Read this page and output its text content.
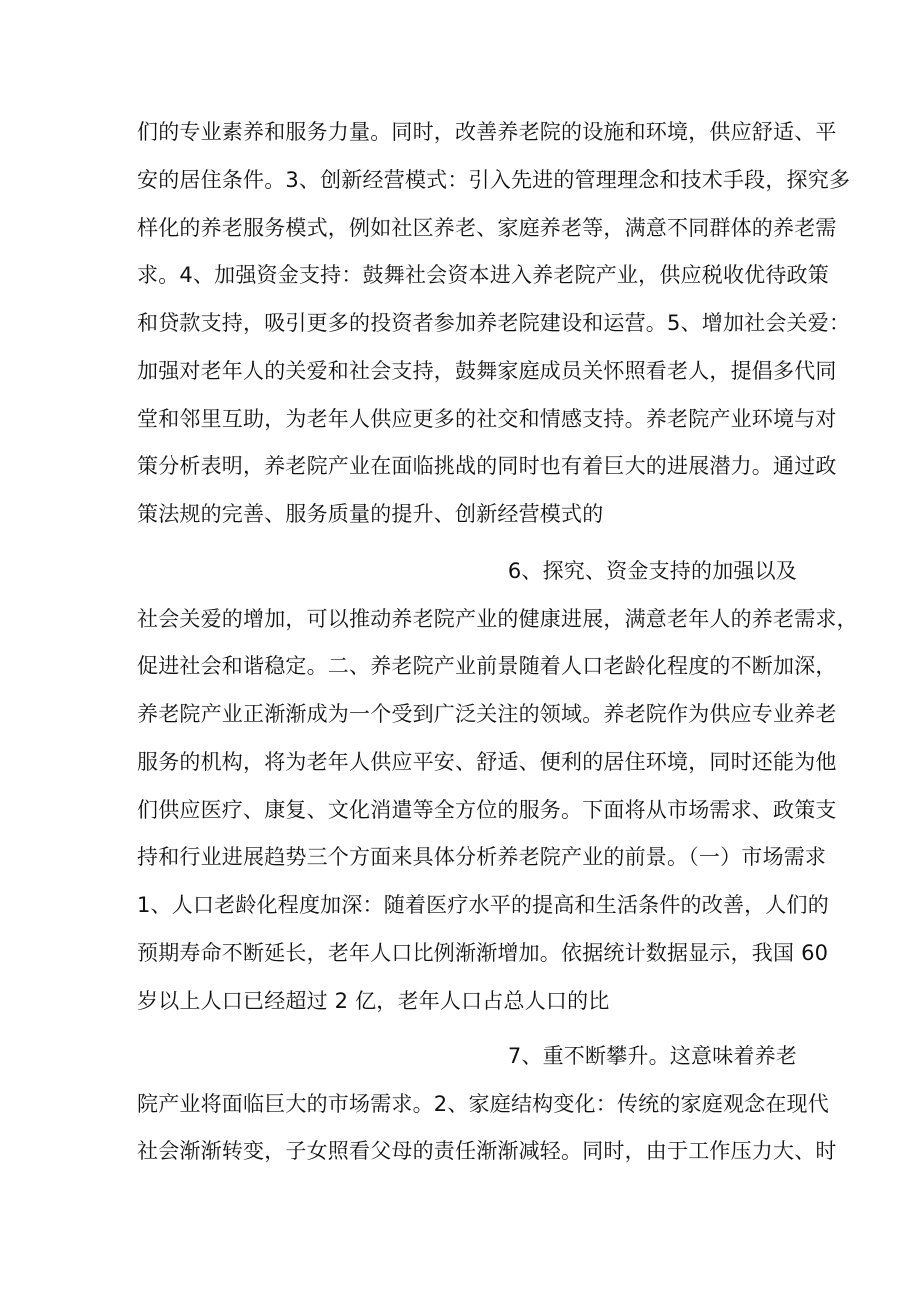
们的专业素养和服务力量。同时，改善养老院的设施和环境，供应舒适、平
安的居住条件。3、创新经营模式：引入先进的管理理念和技术手段，探究多
样化的养老服务模式，例如社区养老、家庭养老等，满意不同群体的养老需
求。4、加强资金支持：鼓舞社会资本进入养老院产业，供应税收优待政策
和贷款支持，吸引更多的投资者参加养老院建设和运营。5、增加社会关爱：
加强对老年人的关爱和社会支持，鼓舞家庭成员关怀照看老人，提倡多代同
堂和邻里互助，为老年人供应更多的社交和情感支持。养老院产业环境与对
策分析表明，养老院产业在面临挑战的同时也有着巨大的进展潜力。通过政
策法规的完善、服务质量的提升、创新经营模式的
6、探究、资金支持的加强以及
社会关爱的增加，可以推动养老院产业的健康进展，满意老年人的养老需求，
促进社会和谐稳定。二、养老院产业前景随着人口老龄化程度的不断加深，
养老院产业正渐渐成为一个受到广泛关注的领域。养老院作为供应专业养老
服务的机构，将为老年人供应平安、舒适、便利的居住环境，同时还能为他
们供应医疗、康复、文化消遣等全方位的服务。下面将从市场需求、政策支
持和行业进展趋势三个方面来具体分析养老院产业的前景。（一）市场需求
1、人口老龄化程度加深：随着医疗水平的提高和生活条件的改善，人们的
预期寿命不断延长，老年人口比例渐渐增加。依据统计数据显示，我国 60
岁以上人口已经超过 2 亿，老年人口占总人口的比
7、重不断攀升。这意味着养老
院产业将面临巨大的市场需求。2、家庭结构变化：传统的家庭观念在现代
社会渐渐转变，子女照看父母的责任渐渐减轻。同时，由于工作压力大、时
